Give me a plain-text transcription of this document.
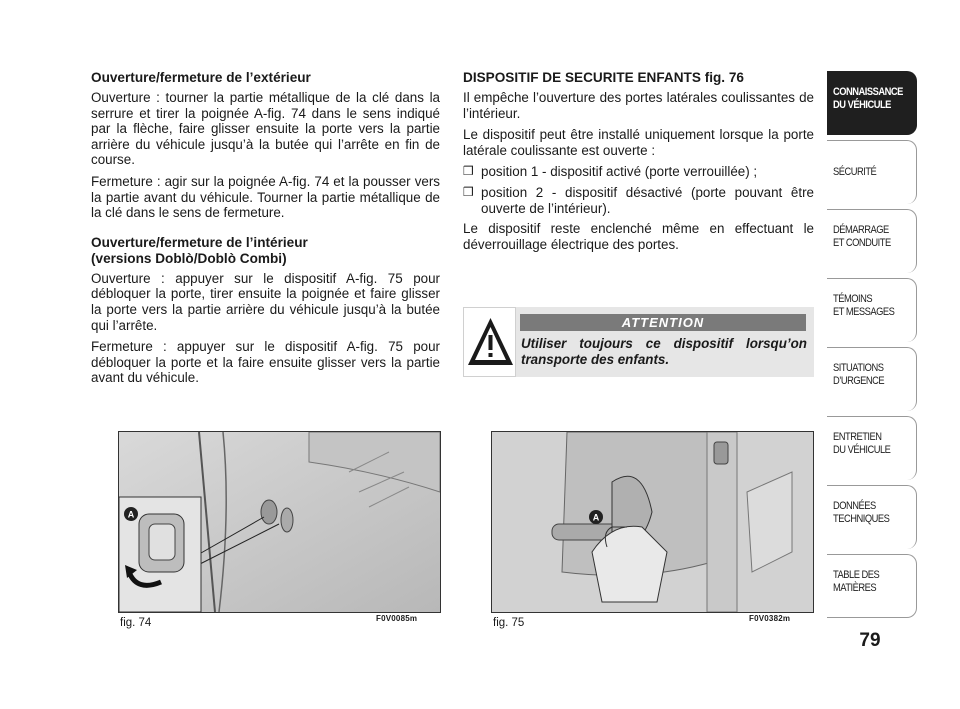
Ouverture/fermeture de l’extérieur

Ouverture : tourner la partie métallique de la clé dans la serrure et tirer la poignée A-fig. 74 dans le sens indiqué par la flèche, faire glisser ensuite la porte vers la partie arrière du véhicule jusqu’à la butée qui l’arrête en fin de course.

Fermeture : agir sur la poignée A-fig. 74 et la pousser vers la partie avant du véhicule. Tourner la partie métallique de la clé dans le sens de fermeture.

Ouverture/fermeture de l’intérieur
(versions Doblò/Doblò Combi)

Ouverture : appuyer sur le dispositif A-fig. 75 pour débloquer la porte, tirer ensuite la poignée et faire glisser la porte vers la partie arrière du véhicule jusqu’à la butée qui l’arrête.

Fermeture : appuyer sur le dispositif A-fig. 75 pour débloquer la porte et la faire ensuite glisser vers la partie avant du véhicule.

DISPOSITIF DE SECURITE ENFANTS fig. 76

Il empêche l’ouverture des portes latérales coulissantes de l’intérieur.

Le dispositif peut être installé uniquement lorsque la porte latérale coulissante est ouverte :

❒ position 1 - dispositif activé (porte verrouillée) ;
❒ position 2 - dispositif désactivé (porte pouvant être ouverte de l’intérieur).

Le dispositif reste enclenché même en effectuant le déverrouillage électrique des portes.

ATTENTION
Utiliser toujours ce dispositif lorsqu’on transporte des enfants.
A
fig. 74	F0V0085m
A
fig. 75	F0V0382m
CONNAISSANCE
DU VÉHICULE
SÉCURITÉ
DÉMARRAGE
ET CONDUITE
TÉMOINS
ET MESSAGES
SITUATIONS
D’URGENCE
ENTRETIEN
DU VÉHICULE
DONNÉES
TECHNIQUES
TABLE DES
MATIÈRES
79
